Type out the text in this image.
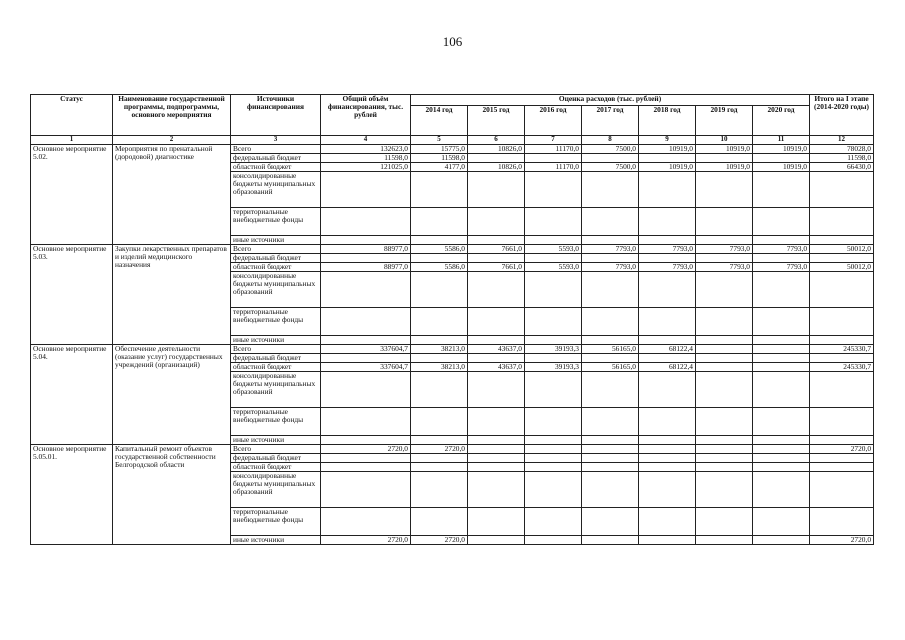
106
Статус	Наименование государственной программы, подпрограммы, основного мероприятия	Источники финансирования	Общий объём финансирования, тыс. рублей	Оценка расходов (тыс. рублей)							Итого на I этапе (2014-2020 годы)
				2014 год	2015 год	2016 год	2017 год	2018 год	2019 год	2020 год	
1	2	3	4	5	6	7	8	9	10	11	12
Основное мероприятие 5.02.	Мероприятия по пренатальной (дородовой) диагностике	Всего	132623,0	15775,0	10826,0	11170,0	7500,0	10919,0	10919,0	10919,0	78028,0
		федеральный бюджет	11598,0	11598,0							11598,0
		областной бюджет	121025,0	4177,0	10826,0	11170,0	7500,0	10919,0	10919,0	10919,0	66430,0
		консолидированные бюджеты муниципальных образований									
		территориальные внебюджетные фонды									
		иные источники									
Основное мероприятие 5.03.	Закупки лекарственных препаратов и изделий медицинского назначения	Всего	88977,0	5586,0	7661,0	5593,0	7793,0	7793,0	7793,0	7793,0	50012,0
		федеральный бюджет									
		областной бюджет	88977,0	5586,0	7661,0	5593,0	7793,0	7793,0	7793,0	7793,0	50012,0
		консолидированные бюджеты муниципальных образований									
		территориальные внебюджетные фонды									
		иные источники									
Основное мероприятие 5.04.	Обеспечение деятельности (оказание услуг) государственных учреждений (организаций)	Всего	337604,7	38213,0	43637,0	39193,3	56165,0	68122,4			245330,7
		федеральный бюджет									
		областной бюджет	337604,7	38213,0	43637,0	39193,3	56165,0	68122,4			245330,7
		консолидированные бюджеты муниципальных образований									
		территориальные внебюджетные фонды									
		иные источники									
Основное мероприятие 5.05.01.	Капитальный ремонт объектов государственной собственности Белгородской области	Всего	2720,0	2720,0							2720,0
		федеральный бюджет									
		областной бюджет									
		консолидированные бюджеты муниципальных образований									
		территориальные внебюджетные фонды									
		иные источники	2720,0	2720,0							2720,0
